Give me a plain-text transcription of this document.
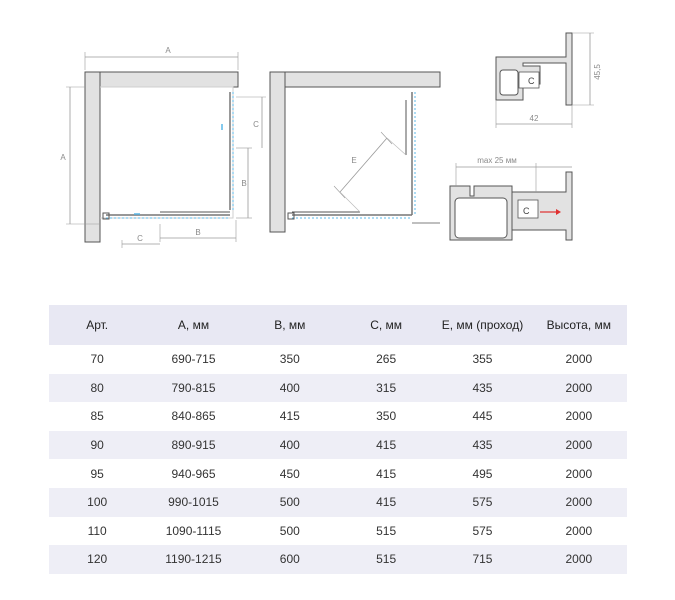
A
A
B
C
B
C
E
C
42
45,5
C
max 25 мм
Арт.	A, мм	B, мм	C, мм	E, мм (проход)	Высота, мм
70	690-715	350	265	355	2000
80	790-815	400	315	435	2000
85	840-865	415	350	445	2000
90	890-915	400	415	435	2000
95	940-965	450	415	495	2000
100	990-1015	500	415	575	2000
110	1090-1115	500	515	575	2000
120	1190-1215	600	515	715	2000
